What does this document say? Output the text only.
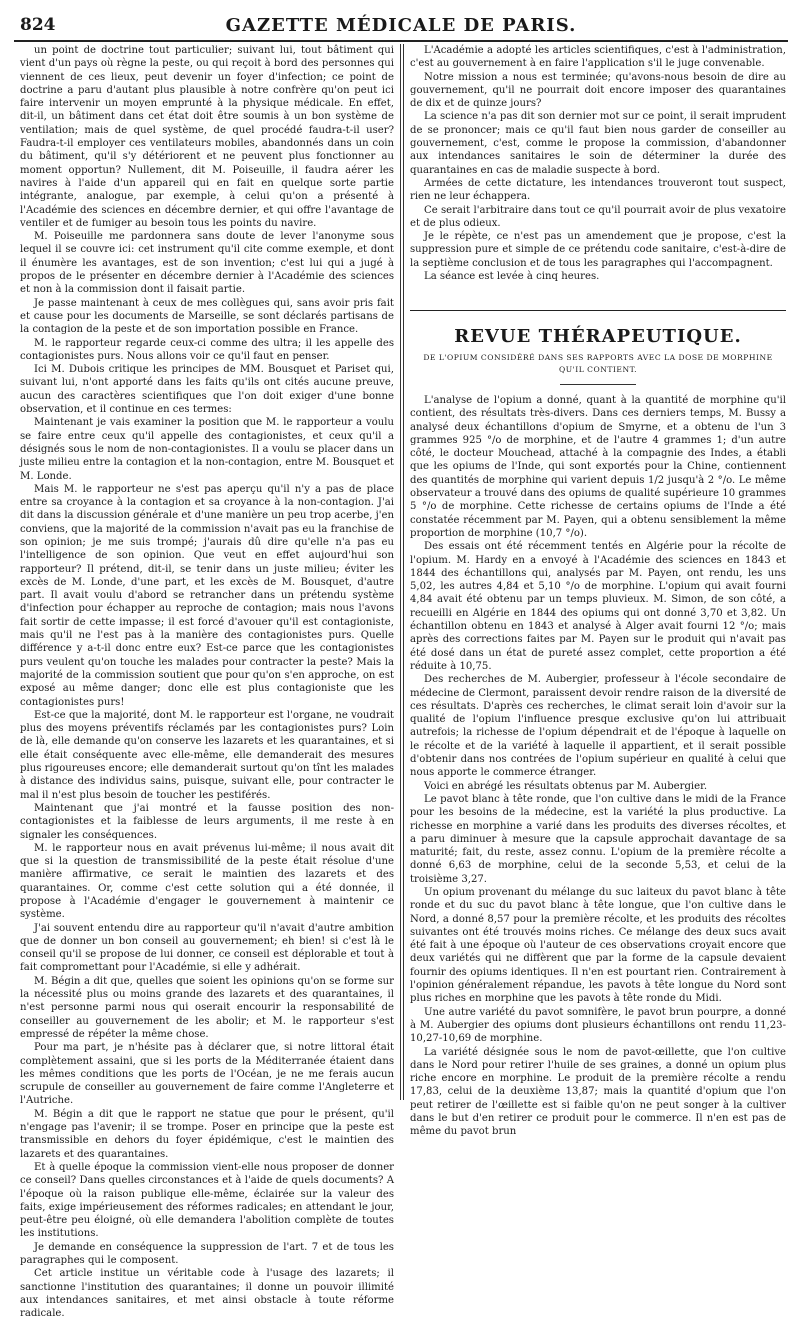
824	GAZETTE MÉDICALE DE PARIS.

un point de doctrine tout particulier; suivant lui, tout bâtiment qui vient d'un pays où règne la peste, ou qui reçoit à bord des personnes qui viennent de ces lieux, peut devenir un foyer d'infection; ce point de doctrine a paru d'autant plus plausible à notre confrère qu'on peut ici faire intervenir un moyen emprunté à la physique médicale. En effet, dit-il, un bâtiment dans cet état doit être soumis à un bon système de ventilation; mais de quel système, de quel procédé faudra-t-il user? Faudra-t-il employer ces ventilateurs mobiles, abandonnés dans un coin du bâtiment, qu'il s'y détériorent et ne peuvent plus fonctionner au moment opportun? Nullement, dit M. Poiseuille, il faudra aérer les navires à l'aide d'un appareil qui en fait en quelque sorte partie intégrante, analogue, par exemple, à celui qu'on a présenté à l'Académie des sciences en décembre dernier, et qui offre l'avantage de ventiler et de fumiger au besoin tous les points du navire.

M. Poiseuille me pardonnera sans doute de lever l'anonyme sous lequel il se couvre ici: cet instrument qu'il cite comme exemple, et dont il énumère les avantages, est de son invention; c'est lui qui a jugé à propos de le présenter en décembre dernier à l'Académie des sciences et non à la commission dont il faisait partie.

Je passe maintenant à ceux de mes collègues qui, sans avoir pris fait et cause pour les documents de Marseille, se sont déclarés partisans de la contagion de la peste et de son importation possible en France.

M. le rapporteur regarde ceux-ci comme des ultra; il les appelle des contagionistes purs. Nous allons voir ce qu'il faut en penser.

Ici M. Dubois critique les principes de MM. Bousquet et Pariset qui, suivant lui, n'ont apporté dans les faits qu'ils ont cités aucune preuve, aucun des caractères scientifiques que l'on doit exiger d'une bonne observation, et il continue en ces termes:

Maintenant je vais examiner la position que M. le rapporteur a voulu se faire entre ceux qu'il appelle des contagionistes, et ceux qu'il a désignés sous le nom de non-contagionistes. Il a voulu se placer dans un juste milieu entre la contagion et la non-contagion, entre M. Bousquet et M. Londe.

Mais M. le rapporteur ne s'est pas aperçu qu'il n'y a pas de place entre sa croyance à la contagion et sa croyance à la non-contagion. J'ai dit dans la discussion générale et d'une manière un peu trop acerbe, j'en conviens, que la majorité de la commission n'avait pas eu la franchise de son opinion; je me suis trompé; j'aurais dû dire qu'elle n'a pas eu l'intelligence de son opinion. Que veut en effet aujourd'hui son rapporteur? Il prétend, dit-il, se tenir dans un juste milieu; éviter les excès de M. Londe, d'une part, et les excès de M. Bousquet, d'autre part. Il avait voulu d'abord se retrancher dans un prétendu système d'infection pour échapper au reproche de contagion; mais nous l'avons fait sortir de cette impasse; il est forcé d'avouer qu'il est contagioniste, mais qu'il ne l'est pas à la manière des contagionistes purs. Quelle différence y a-t-il donc entre eux? Est-ce parce que les contagionistes purs veulent qu'on touche les malades pour contracter la peste? Mais la majorité de la commission soutient que pour qu'on s'en approche, on est exposé au même danger; donc elle est plus contagioniste que les contagionistes purs!

Est-ce que la majorité, dont M. le rapporteur est l'organe, ne voudrait plus des moyens préventifs réclamés par les contagionistes purs? Loin de là, elle demande qu'on conserve les lazarets et les quarantaines, et si elle était conséquente avec elle-même, elle demanderait des mesures plus rigoureuses encore; elle demanderait surtout qu'on tînt les malades à distance des individus sains, puisque, suivant elle, pour contracter le mal il n'est plus besoin de toucher les pestiférés.

Maintenant que j'ai montré et la fausse position des non-contagionistes et la faiblesse de leurs arguments, il me reste à en signaler les conséquences.

M. le rapporteur nous en avait prévenus lui-même; il nous avait dit que si la question de transmissibilité de la peste était résolue d'une manière affirmative, ce serait le maintien des lazarets et des quarantaines. Or, comme c'est cette solution qui a été donnée, il propose à l'Académie d'engager le gouvernement à maintenir ce système.

J'ai souvent entendu dire au rapporteur qu'il n'avait d'autre ambition que de donner un bon conseil au gouvernement; eh bien! si c'est là le conseil qu'il se propose de lui donner, ce conseil est déplorable et tout à fait compromettant pour l'Académie, si elle y adhérait.

M. Bégin a dit que, quelles que soient les opinions qu'on se forme sur la nécessité plus ou moins grande des lazarets et des quarantaines, il n'est personne parmi nous qui oserait encourir la responsabilité de conseiller au gouvernement de les abolir; et M. le rapporteur s'est empressé de répéter la même chose.

Pour ma part, je n'hésite pas à déclarer que, si notre littoral était complètement assaini, que si les ports de la Méditerranée étaient dans les mêmes conditions que les ports de l'Océan, je ne me ferais aucun scrupule de conseiller au gouvernement de faire comme l'Angleterre et l'Autriche.

M. Bégin a dit que le rapport ne statue que pour le présent, qu'il n'engage pas l'avenir; il se trompe. Poser en principe que la peste est transmissible en dehors du foyer épidémique, c'est le maintien des lazarets et des quarantaines.

Et à quelle époque la commission vient-elle nous proposer de donner ce conseil? Dans quelles circonstances et à l'aide de quels documents? A l'époque où la raison publique elle-même, éclairée sur la valeur des faits, exige impérieusement des réformes radicales; en attendant le jour, peut-être peu éloigné, où elle demandera l'abolition complète de toutes les institutions.

Je demande en conséquence la suppression de l'art. 7 et de tous les paragraphes qui le composent.

Cet article institue un véritable code à l'usage des lazarets; il sanctionne l'institution des quarantaines; il donne un pouvoir illimité aux intendances sanitaires, et met ainsi obstacle à toute réforme radicale.

L'Académie a adopté les articles scientifiques, c'est à l'administration, c'est au gouvernement à en faire l'application s'il le juge convenable.

Notre mission a nous est terminée; qu'avons-nous besoin de dire au gouvernement, qu'il ne pourrait doit encore imposer des quarantaines de dix et de quinze jours?

La science n'a pas dit son dernier mot sur ce point, il serait imprudent de se prononcer; mais ce qu'il faut bien nous garder de conseiller au gouvernement, c'est, comme le propose la commission, d'abandonner aux intendances sanitaires le soin de déterminer la durée des quarantaines en cas de maladie suspecte à bord.

Armées de cette dictature, les intendances trouveront tout suspect, rien ne leur échappera.

Ce serait l'arbitraire dans tout ce qu'il pourrait avoir de plus vexatoire et de plus odieux.

Je le répète, ce n'est pas un amendement que je propose, c'est la suppression pure et simple de ce prétendu code sanitaire, c'est-à-dire de la septième conclusion et de tous les paragraphes qui l'accompagnent.

La séance est levée à cinq heures.

REVUE THÉRAPEUTIQUE.
DE L'OPIUM CONSIDÉRÉ DANS SES RAPPORTS AVEC LA DOSE DE MORPHINE QU'IL CONTIENT.

L'analyse de l'opium a donné, quant à la quantité de morphine qu'il contient, des résultats très-divers. Dans ces derniers temps, M. Bussy a analysé deux échantillons d'opium de Smyrne, et a obtenu de l'un 3 grammes 925 °/o de morphine, et de l'autre 4 grammes 1; d'un autre côté, le docteur Mouchead, attaché à la compagnie des Indes, a établi que les opiums de l'Inde, qui sont exportés pour la Chine, contiennent des quantités de morphine qui varient depuis 1/2 jusqu'à 2 °/o. Le même observateur a trouvé dans des opiums de qualité supérieure 10 grammes 5 °/o de morphine. Cette richesse de certains opiums de l'Inde a été constatée récemment par M. Payen, qui a obtenu sensiblement la même proportion de morphine (10,7 °/o).

Des essais ont été récemment tentés en Algérie pour la récolte de l'opium. M. Hardy en a envoyé à l'Académie des sciences en 1843 et 1844 des échantillons qui, analysés par M. Payen, ont rendu, les uns 5,02, les autres 4,84 et 5,10 °/o de morphine. L'opium qui avait fourni 4,84 avait été obtenu par un temps pluvieux. M. Simon, de son côté, a recueilli en Algérie en 1844 des opiums qui ont donné 3,70 et 3,82. Un échantillon obtenu en 1843 et analysé à Alger avait fourni 12 °/o; mais après des corrections faites par M. Payen sur le produit qui n'avait pas été dosé dans un état de pureté assez complet, cette proportion a été réduite à 10,75.

Des recherches de M. Aubergier, professeur à l'école secondaire de médecine de Clermont, paraissent devoir rendre raison de la diversité de ces résultats. D'après ces recherches, le climat serait loin d'avoir sur la qualité de l'opium l'influence presque exclusive qu'on lui attribuait autrefois; la richesse de l'opium dépendrait et de l'époque à laquelle on le récolte et de la variété à laquelle il appartient, et il serait possible d'obtenir dans nos contrées de l'opium supérieur en qualité à celui que nous apporte le commerce étranger.

Voici en abrégé les résultats obtenus par M. Aubergier.

Le pavot blanc à tête ronde, que l'on cultive dans le midi de la France pour les besoins de la médecine, est la variété la plus productive. La richesse en morphine a varié dans les produits des diverses récoltes, et a paru diminuer à mesure que la capsule approchait davantage de sa maturité; fait, du reste, assez connu. L'opium de la première récolte a donné 6,63 de morphine, celui de la seconde 5,53, et celui de la troisième 3,27.

Un opium provenant du mélange du suc laiteux du pavot blanc à tête ronde et du suc du pavot blanc à tête longue, que l'on cultive dans le Nord, a donné 8,57 pour la première récolte, et les produits des récoltes suivantes ont été trouvés moins riches. Ce mélange des deux sucs avait été fait à une époque où l'auteur de ces observations croyait encore que deux variétés qui ne diffèrent que par la forme de la capsule devaient fournir des opiums identiques. Il n'en est pourtant rien. Contrairement à l'opinion généralement répandue, les pavots à tête longue du Nord sont plus riches en morphine que les pavots à tête ronde du Midi.

Une autre variété du pavot somnifère, le pavot brun pourpre, a donné à M. Aubergier des opiums dont plusieurs échantillons ont rendu 11,23-10,27-10,69 de morphine.

La variété désignée sous le nom de pavot-œillette, que l'on cultive dans le Nord pour retirer l'huile de ses graines, a donné un opium plus riche encore en morphine. Le produit de la première récolte a rendu 17,83, celui de la deuxième 13,87; mais la quantité d'opium que l'on peut retirer de l'œillette est si faible qu'on ne peut songer à la cultiver dans le but d'en retirer ce produit pour le commerce. Il n'en est pas de même du pavot brun
